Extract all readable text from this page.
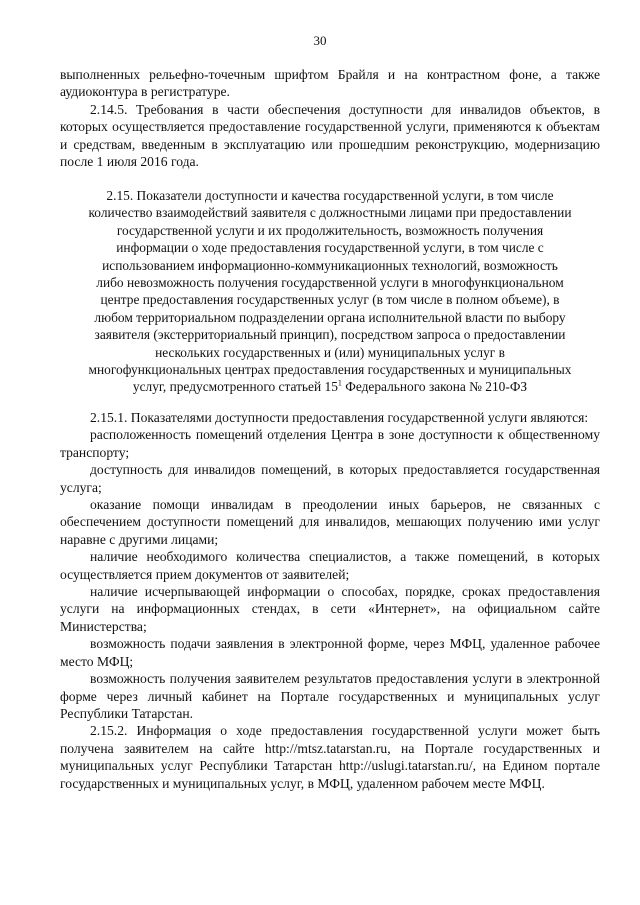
30

выполненных рельефно-точечным шрифтом Брайля и на контрастном фоне, а также аудиоконтура в регистратуре.

2.14.5. Требования в части обеспечения доступности для инвалидов объектов, в которых осуществляется предоставление государственной услуги, применяются к объектам и средствам, введенным в эксплуатацию или прошедшим реконструкцию, модернизацию после 1 июля 2016 года.

2.15. Показатели доступности и качества государственной услуги, в том числе

количество взаимодействий заявителя с должностными лицами при предоставлении

государственной услуги и их продолжительность, возможность получения

информации о ходе предоставления государственной услуги, в том числе с

использованием информационно-коммуникационных технологий, возможность

либо невозможность получения государственной услуги в многофункциональном

центре предоставления государственных услуг (в том числе в полном объеме), в

любом территориальном подразделении органа исполнительной власти по выбору

заявителя (экстерриториальный принцип), посредством запроса о предоставлении

нескольких государственных и (или) муниципальных услуг в

многофункциональных центрах предоставления государственных и муниципальных

услуг, предусмотренного статьей $15^1$ Федерального закона № 210-ФЗ

2.15.1. Показателями доступности предоставления государственной услуги являются:

расположенность помещений отделения Центра в зоне доступности к общественному транспорту;

доступность для инвалидов помещений, в которых предоставляется государственная услуга;

оказание помощи инвалидам в преодолении иных барьеров, не связанных с обеспечением доступности помещений для инвалидов, мешающих получению ими услуг наравне с другими лицами;

наличие необходимого количества специалистов, а также помещений, в которых осуществляется прием документов от заявителей;

наличие исчерпывающей информации о способах, порядке, сроках предоставления услуги на информационных стендах, в сети «Интернет», на официальном сайте Министерства;

возможность подачи заявления в электронной форме, через МФЦ, удаленное рабочее место МФЦ;

возможность получения заявителем результатов предоставления услуги в электронной форме через личный кабинет на Портале государственных и муниципальных услуг Республики Татарстан.

2.15.2. Информация о ходе предоставления государственной услуги может быть получена заявителем на сайте http://mtsz.tatarstan.ru, на Портале государственных и муниципальных услуг Республики Татарстан http://uslugi.tatarstan.ru/, на Едином портале государственных и муниципальных услуг, в МФЦ, удаленном рабочем месте МФЦ.
